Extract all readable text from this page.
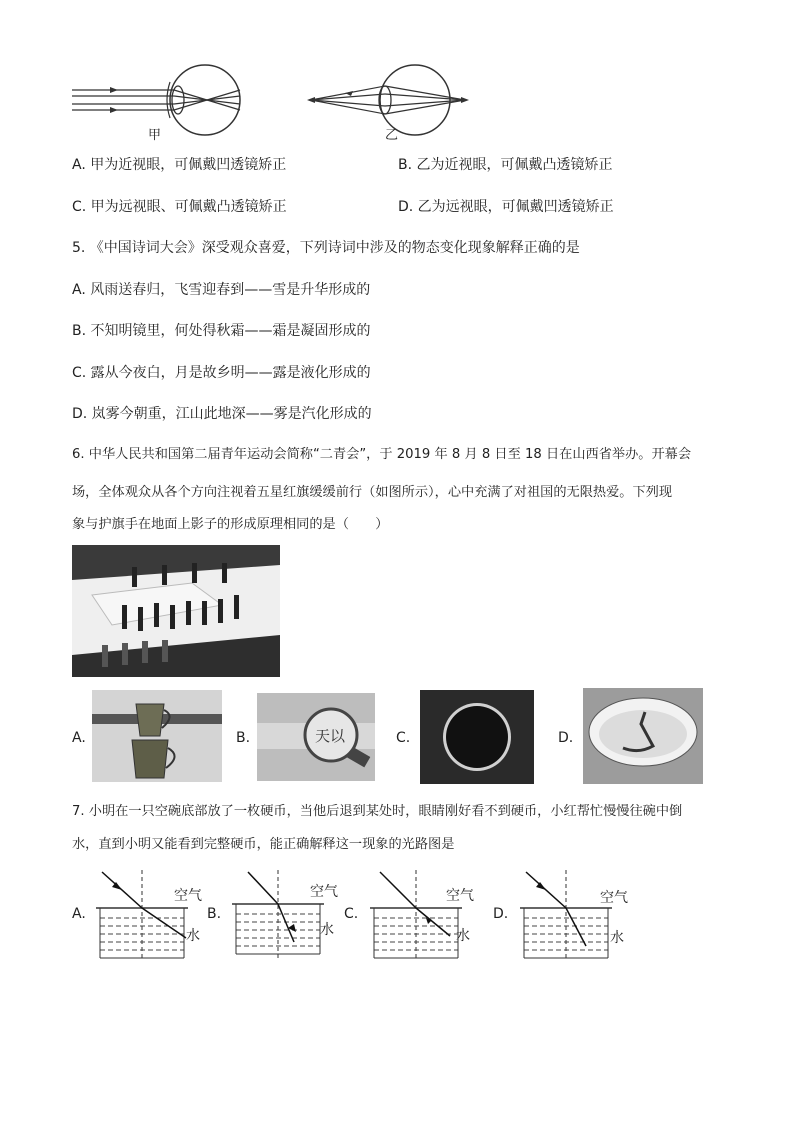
甲	乙
A. 甲为近视眼，可佩戴凹透镜矫正	B. 乙为近视眼，可佩戴凸透镜矫正
C. 甲为远视眼、可佩戴凸透镜矫正	D. 乙为远视眼，可佩戴凹透镜矫正
5. 《中国诗词大会》深受观众喜爱，下列诗词中涉及的物态变化现象解释正确的是
A. 风雨送春归，飞雪迎春到——雪是升华形成的
B. 不知明镜里，何处得秋霜——霜是凝固形成的
C. 露从今夜白，月是故乡明——露是液化形成的
D. 岚雾今朝重，江山此地深——雾是汽化形成的
6. 中华人民共和国第二届青年运动会简称“二青会”，于 2019 年 8 月 8 日至 18 日在山西省举办。开幕会
场，全体观众从各个方向注视着五星红旗缓缓前行（如图所示），心中充满了对祖国的无限热爱。下列现
象与护旗手在地面上影子的形成原理相同的是（　　）
A.	B.	天以	C.	D.
7. 小明在一只空碗底部放了一枚硬币，当他后退到某处时，眼睛刚好看不到硬币，小红帮忙慢慢往碗中倒
水，直到小明又能看到完整硬币，能正确解释这一现象的光路图是
A.
空气
水
B.
空气
水
C.
空气
水
D.
空气
水
